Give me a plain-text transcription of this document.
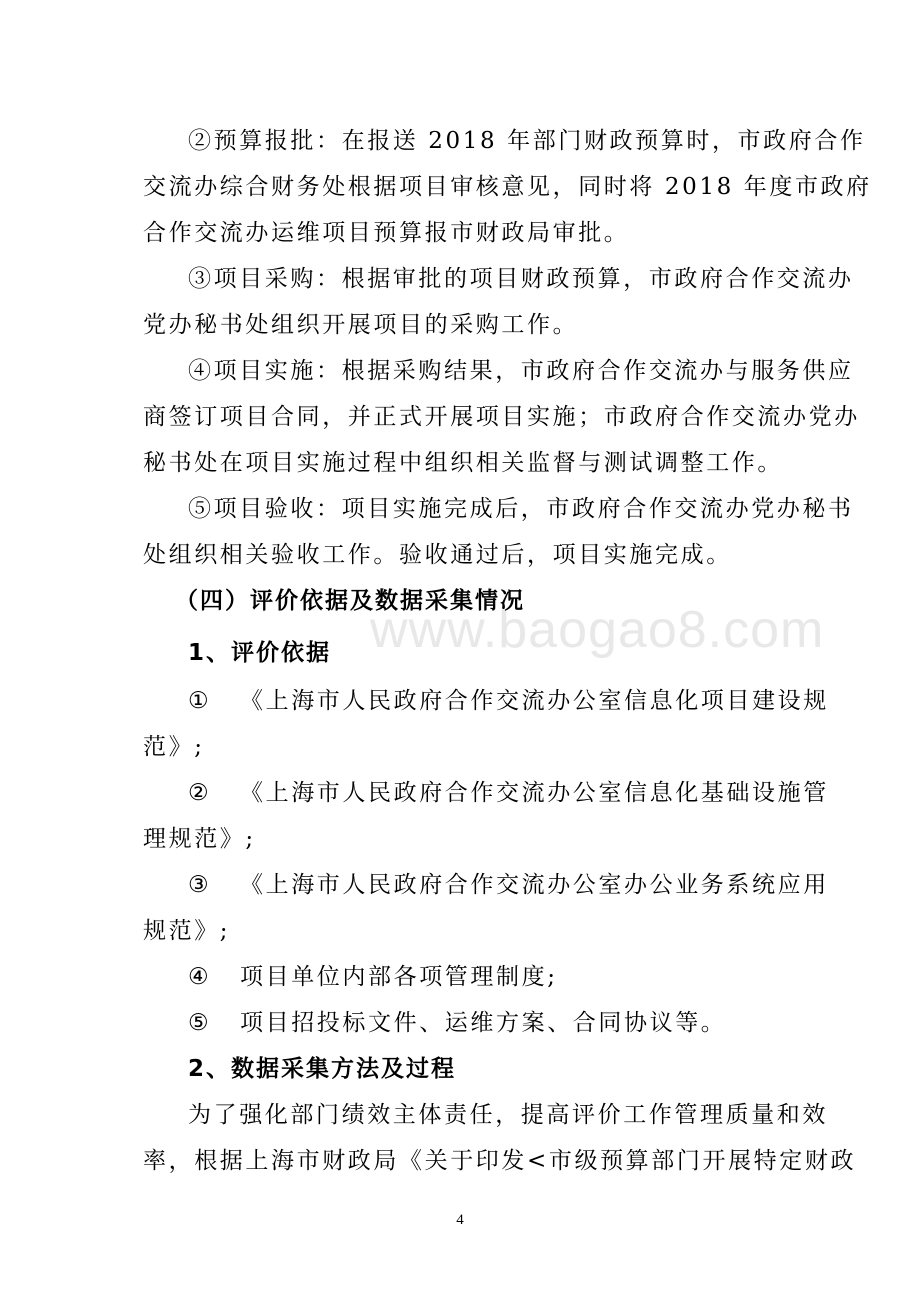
www.baogao8.com
②预算报批：在报送 2018 年部门财政预算时，市政府合作
交流办综合财务处根据项目审核意见，同时将 2018 年度市政府
合作交流办运维项目预算报市财政局审批。
③项目采购：根据审批的项目财政预算，市政府合作交流办
党办秘书处组织开展项目的采购工作。
④项目实施：根据采购结果，市政府合作交流办与服务供应
商签订项目合同，并正式开展项目实施；市政府合作交流办党办
秘书处在项目实施过程中组织相关监督与测试调整工作。
⑤项目验收：项目实施完成后，市政府合作交流办党办秘书
处组织相关验收工作。验收通过后，项目实施完成。
（四）评价依据及数据采集情况
1、评价依据
① 《上海市人民政府合作交流办公室信息化项目建设规
范》;
② 《上海市人民政府合作交流办公室信息化基础设施管
理规范》;
③ 《上海市人民政府合作交流办公室办公业务系统应用
规范》;
④ 项目单位内部各项管理制度;
⑤ 项目招投标文件、运维方案、合同协议等。
2、数据采集方法及过程
为了强化部门绩效主体责任，提高评价工作管理质量和效
率，根据上海市财政局《关于印发<市级预算部门开展特定财政
4
